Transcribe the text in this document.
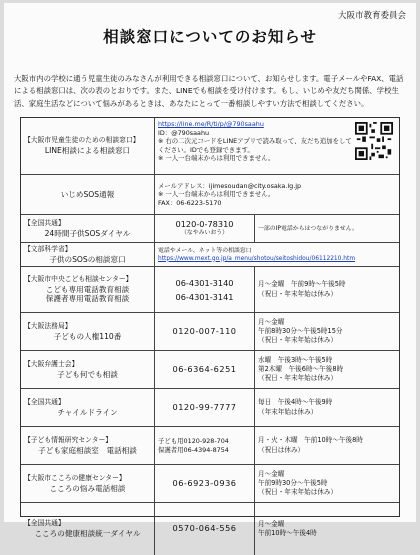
大阪市教育委員会
相談窓口についてのお知らせ
大阪市内の学校に通う児童生徒のみなさんが利用できる相談窓口について、お知らせします。電子メールやFAX、電話による相談窓口は、次の表のとおりです。また、LINEでも相談を受け付けます。もし、いじめや友だち関係、学校生活、家庭生活などについて悩みがあるときは、あなたにとって一番相談しやすい方法で相談してください。
【大阪市児童生徒のための相談窓口】
LINE相談による相談窓口
https://line.me/R/ti/p/@790saahu
ID：@790saahu
※ 右の二次元コードをLINEアプリで読み取って、友だち追加をしてください。IDでも登録できます。
※ 一人一台端末からは利用できません。
いじめSOS通報
メールアドレス：ijimesoudan@city.osaka.lg.jp
※ 一人一台端末からは利用できません。
FAX：06-6223-5170
【全国共通】
24時間子供SOSダイヤル
0120-0-78310
（なやみいおう）
一部のIP電話からはつながりません。
【文部科学省】
子供のSOSの相談窓口
電話やメール、ネット等の相談窓口
https://www.mext.go.jp/a_menu/shotou/seitoshidou/06112210.htm
【大阪市中央こども相談センター】
こども専用電話教育相談
保護者専用電話教育相談
06-4301-3140
06-4301-3141
月～金曜　午前9時～午後5時
（祝日・年末年始は休み）
【大阪法務局】
子どもの人権110番
0120-007-110
月～金曜
午前8時30分～午後5時15分
（祝日・年末年始は休み）
【大阪弁護士会】
子ども何でも相談
06-6364-6251
水曜　午後3時～午後5時
第2木曜　午後6時～午後8時
（祝日・年末年始は休み）
【全国共通】
チャイルドライン
0120-99-7777	毎日　午後4時～午後9時
（年末年始は休み）
【子ども情報研究センター】
子ども家庭相談室　電話相談
子ども用0120-928-704
保護者用06-4394-8754
月・火・木曜　午前10時～午後8時
（祝日は休み）
【大阪市こころの健康センター】
こころの悩み電話相談
06-6923-0936
月～金曜
午前9時30分～午後5時
（祝日・年末年始は休み）
【全国共通】
こころの健康相談統一ダイヤル
0570-064-556	月～金曜
午前10時～午後4時
